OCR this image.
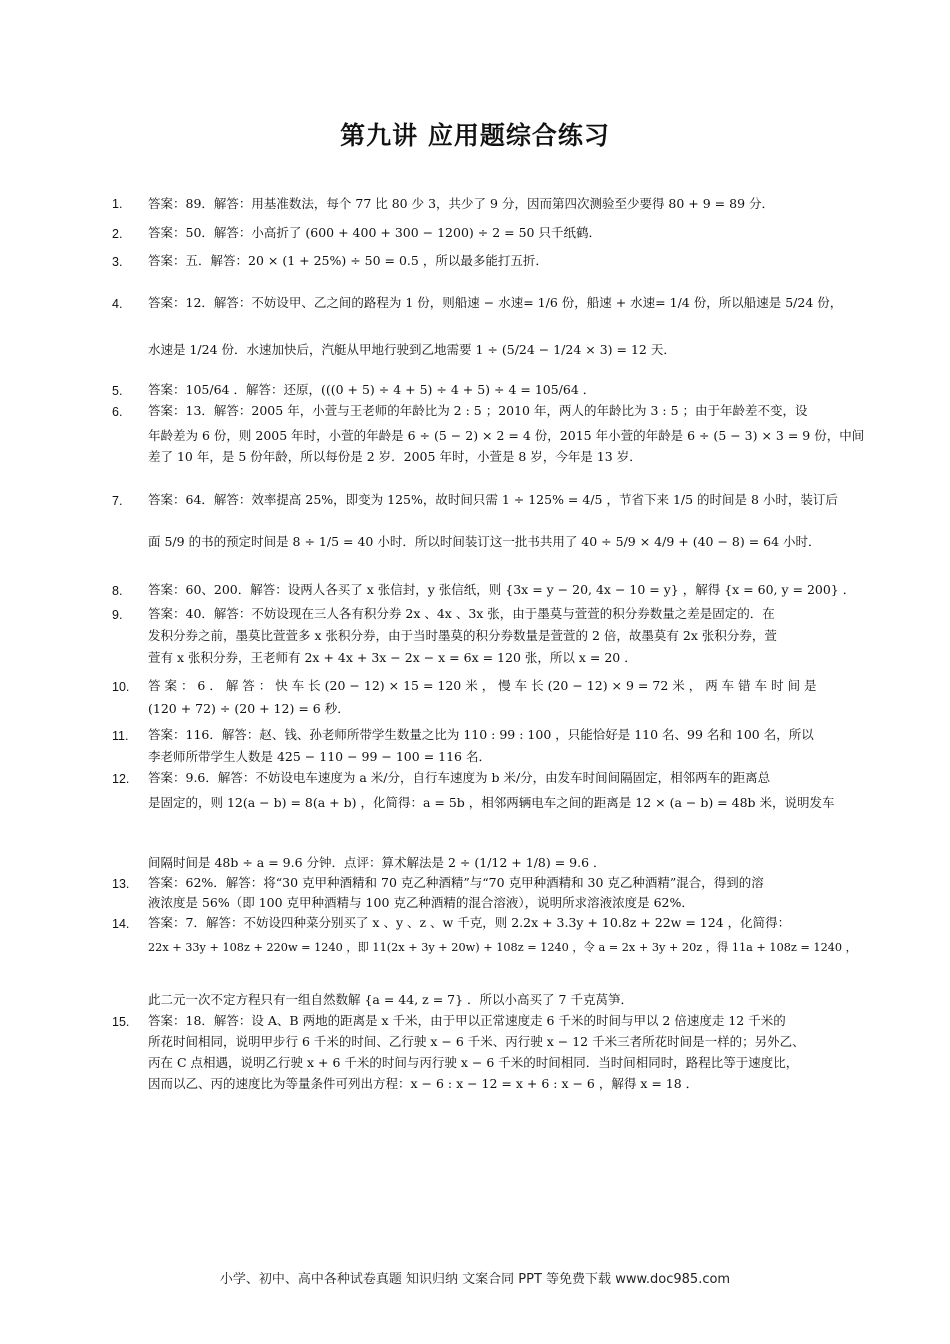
第九讲 应用题综合练习
1.	答案：89．解答：用基准数法，每个 77 比 80 少 3，共少了 9 分，因而第四次测验至少要得 80 + 9 = 89 分．
2.	答案：50．解答：小高折了 (600 + 400 + 300 − 1200) ÷ 2 = 50 只千纸鹤．
3.	答案：五．解答：20 × (1 + 25%) ÷ 50 = 0.5 ，所以最多能打五折．
4.	答案：12．解答：不妨设甲、乙之间的路程为 1 份，则船速 − 水速= 1/6 份，船速 + 水速= 1/4 份，所以船速是 5/24 份，
水速是 1/24 份．水速加快后，汽艇从甲地行驶到乙地需要 1 ÷ (5/24 − 1/24 × 3) = 12 天．
5.	答案：105/64 ．解答：还原，(((0 + 5) ÷ 4 + 5) ÷ 4 + 5) ÷ 4 = 105/64 ．
6.	答案：13．解答：2005 年，小萱与王老师的年龄比为 2 : 5 ；2010 年，两人的年龄比为 3 : 5 ；由于年龄差不变，设
年龄差为 6 份，则 2005 年时，小萱的年龄是 6 ÷ (5 − 2) × 2 = 4 份，2015 年小萱的年龄是 6 ÷ (5 − 3) × 3 = 9 份，中间
差了 10 年，是 5 份年龄，所以每份是 2 岁．2005 年时，小萱是 8 岁，今年是 13 岁．
7.	答案：64．解答：效率提高 25%，即变为 125%，故时间只需 1 ÷ 125% = 4/5 ，节省下来 1/5 的时间是 8 小时，装订后
面 5/9 的书的预定时间是 8 ÷ 1/5 = 40 小时．所以时间装订这一批书共用了 40 ÷ 5/9 × 4/9 + (40 − 8) = 64 小时．
8.	答案：60、200．解答：设两人各买了 x 张信封，y 张信纸，则 {3x = y − 20, 4x − 10 = y} ，解得 {x = 60, y = 200} ．
9.	答案：40．解答：不妨设现在三人各有积分券 2x 、4x 、3x 张，由于墨莫与萱萱的积分券数量之差是固定的．在
发积分券之前，墨莫比萱萱多 x 张积分券，由于当时墨莫的积分券数量是萱萱的 2 倍，故墨莫有 2x 张积分券，萱
萱有 x 张积分券，王老师有 2x + 4x + 3x − 2x − x = 6x = 120 张，所以 x = 20 ．
10.	答 案 ： 6 ． 解 答 ： 快 车 长 (20 − 12) × 15 = 120 米 ， 慢 车 长 (20 − 12) × 9 = 72 米 ， 两 车 错 车 时 间 是
(120 + 72) ÷ (20 + 12) = 6 秒．
11.	答案：116．解答：赵、钱、孙老师所带学生数量之比为 110 : 99 : 100 ，只能恰好是 110 名、99 名和 100 名，所以
李老师所带学生人数是 425 − 110 − 99 − 100 = 116 名．
12.	答案：9.6．解答：不妨设电车速度为 a 米/分，自行车速度为 b 米/分，由发车时间间隔固定，相邻两车的距离总
是固定的，则 12(a − b) = 8(a + b) ，化简得：a = 5b ，相邻两辆电车之间的距离是 12 × (a − b) = 48b 米，说明发车
间隔时间是 48b ÷ a = 9.6 分钟．点评：算术解法是 2 ÷ (1/12 + 1/8) = 9.6 ．
13.	答案：62%．解答：将“30 克甲种酒精和 70 克乙种酒精”与“70 克甲种酒精和 30 克乙种酒精”混合，得到的溶
液浓度是 56%（即 100 克甲种酒精与 100 克乙种酒精的混合溶液），说明所求溶液浓度是 62%．
14.	答案：7．解答：不妨设四种菜分别买了 x 、y 、z 、w 千克，则 2.2x + 3.3y + 10.8z + 22w = 124 ，化简得：
22x + 33y + 108z + 220w = 1240 ，即 11(2x + 3y + 20w) + 108z = 1240 ，令 a = 2x + 3y + 20z ，得 11a + 108z = 1240 ，
此二元一次不定方程只有一组自然数解 {a = 44, z = 7} ．所以小高买了 7 千克莴笋．
15.	答案：18．解答：设 A、B 两地的距离是 x 千米，由于甲以正常速度走 6 千米的时间与甲以 2 倍速度走 12 千米的
所花时间相同，说明甲步行 6 千米的时间、乙行驶 x − 6 千米、丙行驶 x − 12 千米三者所花时间是一样的；另外乙、
丙在 C 点相遇，说明乙行驶 x + 6 千米的时间与丙行驶 x − 6 千米的时间相同．当时间相同时，路程比等于速度比，
因而以乙、丙的速度比为等量条件可列出方程：x − 6 : x − 12 = x + 6 : x − 6 ，解得 x = 18 ．
小学、初中、高中各种试卷真题 知识归纳 文案合同 PPT 等免费下载 www.doc985.com
